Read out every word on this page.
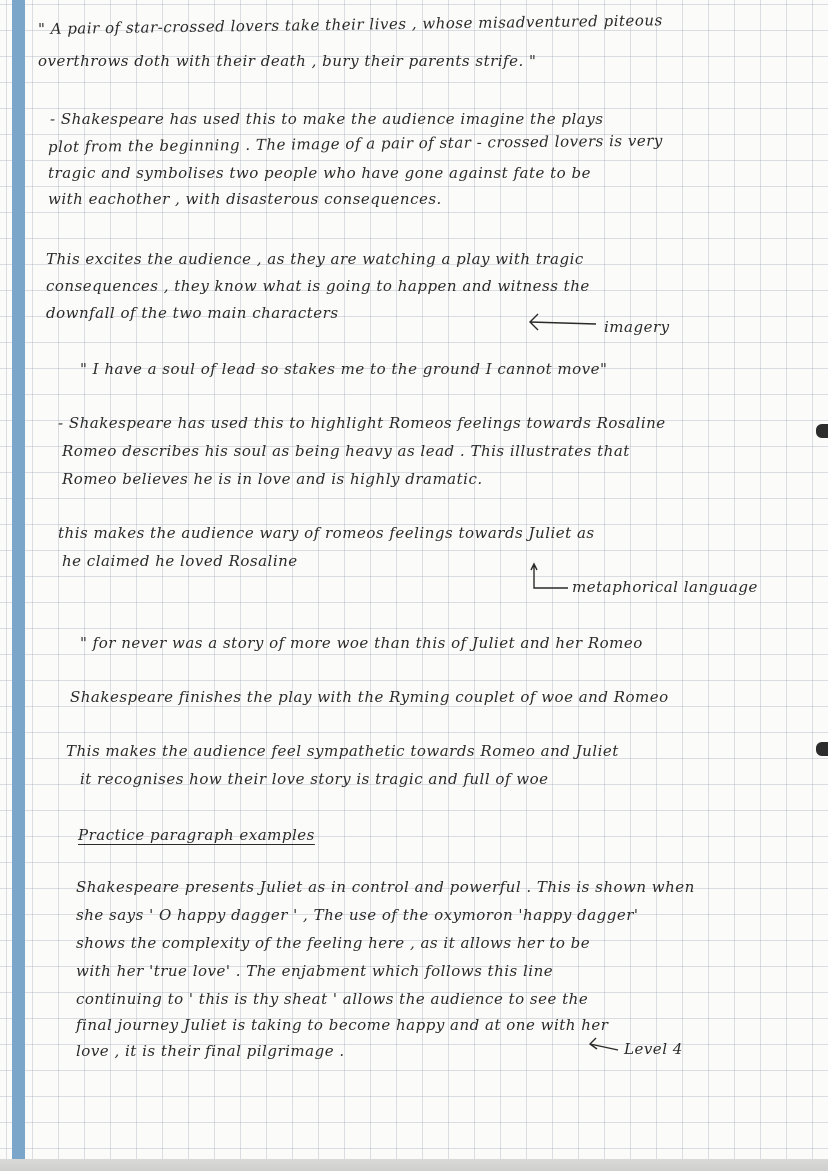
" A pair of star-crossed lovers take their lives , whose misadventured piteous
overthrows doth with their death , bury their parents strife. "
- Shakespeare has used this to make the audience imagine the plays
plot from the beginning . The image of a pair of star - crossed lovers is very
tragic and symbolises two people who have gone against fate to be
with eachother , with disasterous consequences.
This excites the audience , as they are watching a play with tragic
consequences , they know what is going to happen and witness the
downfall of the two main characters
imagery
" I have a soul of lead so stakes me to the ground I cannot move"
- Shakespeare has used this to highlight Romeos feelings towards Rosaline
Romeo describes his soul as being heavy as lead . This illustrates that
Romeo believes he is in love and is highly dramatic.
this makes the audience wary of romeos feelings towards Juliet as
he claimed he loved Rosaline
metaphorical language
" for never was a story of more woe than this of Juliet and her Romeo
Shakespeare finishes the play with the Ryming couplet of woe and Romeo
This makes the audience feel sympathetic towards Romeo and Juliet
it recognises how their love story is tragic and full of woe
Practice paragraph examples
Shakespeare presents Juliet as in control and powerful . This is shown when
she says ' O happy dagger ' , The use of the oxymoron 'happy dagger'
shows the complexity of the feeling here , as it allows her to be
with her 'true love' . The enjabment which follows this line
continuing to ' this is thy sheat ' allows the audience to see the
final journey Juliet is taking to become happy and at one with her
love , it is their final pilgrimage .	Level 4
